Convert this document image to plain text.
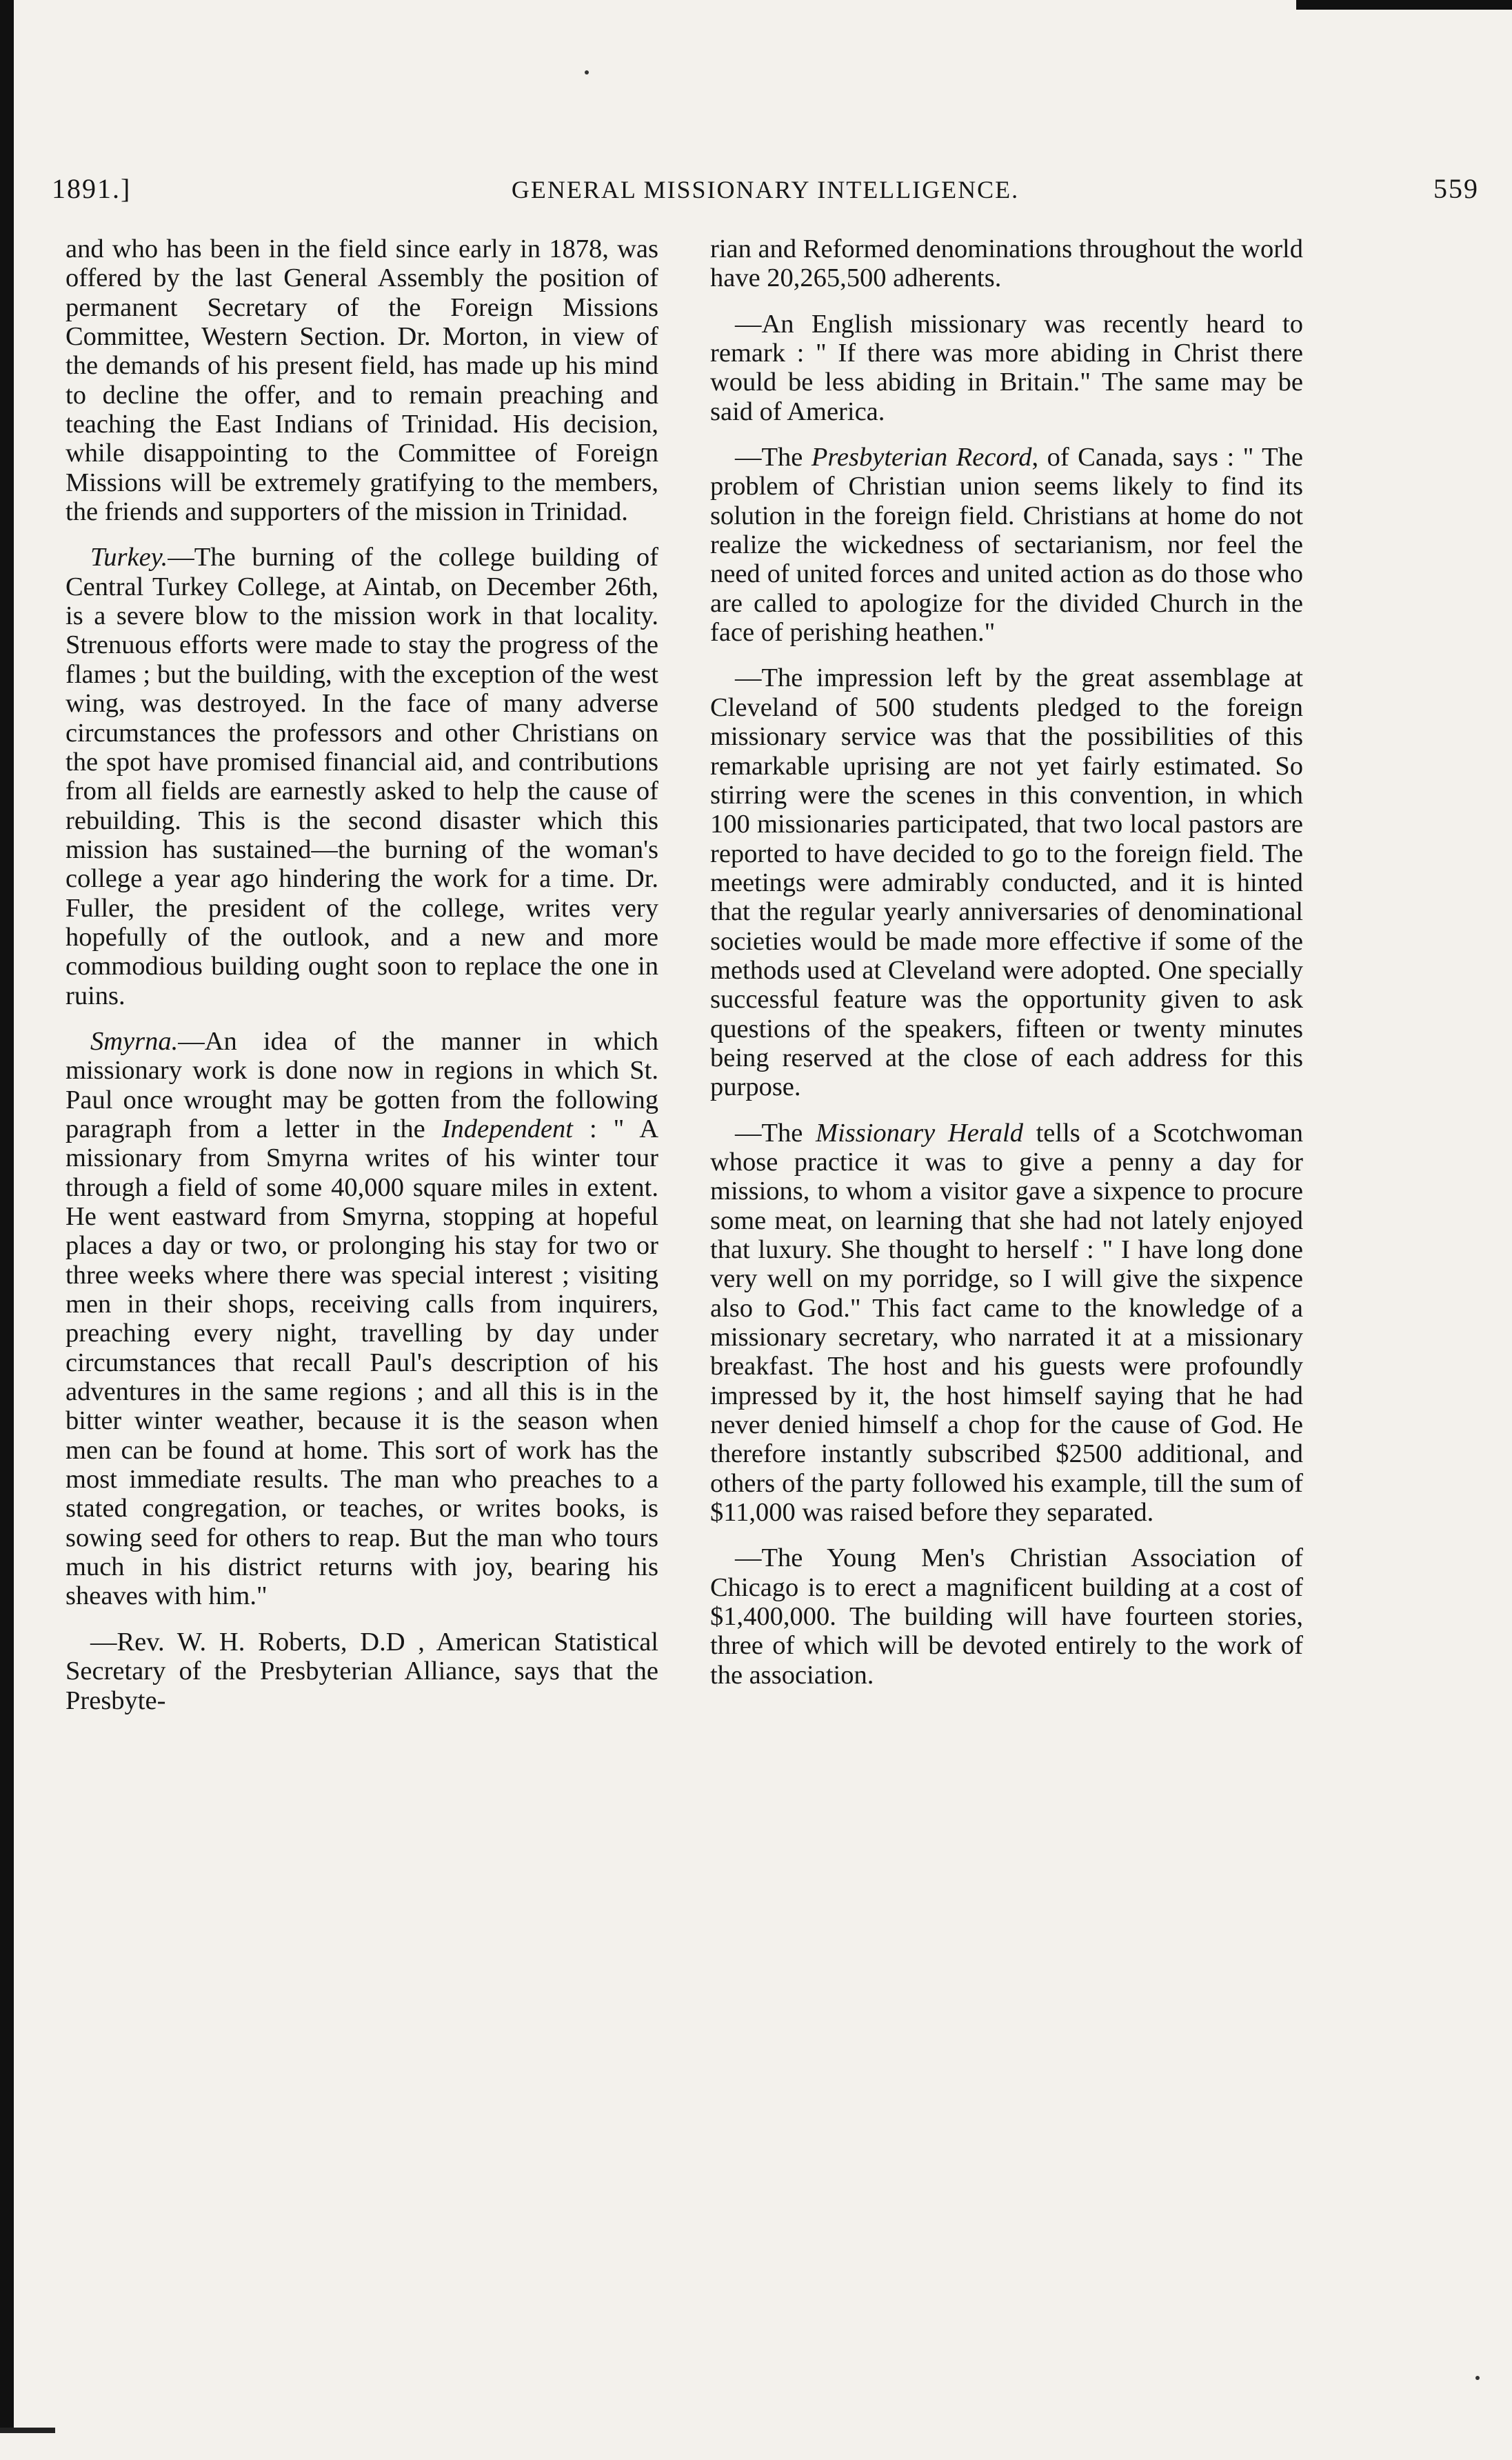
1891.]	GENERAL MISSIONARY INTELLIGENCE.	559

and who has been in the field since early in 1878, was offered by the last General Assembly the position of permanent Secretary of the Foreign Missions Committee, Western Section. Dr. Morton, in view of the demands of his present field, has made up his mind to decline the offer, and to remain preaching and teaching the East Indians of Trinidad. His decision, while disappointing to the Committee of Foreign Missions will be extremely gratifying to the members, the friends and supporters of the mission in Trinidad.

Turkey.—The burning of the college building of Central Turkey College, at Aintab, on December 26th, is a severe blow to the mission work in that locality. Strenuous efforts were made to stay the progress of the flames ; but the building, with the exception of the west wing, was destroyed. In the face of many adverse circumstances the professors and other Christians on the spot have promised financial aid, and contributions from all fields are earnestly asked to help the cause of rebuilding. This is the second disaster which this mission has sustained—the burning of the woman's college a year ago hindering the work for a time. Dr. Fuller, the president of the college, writes very hopefully of the outlook, and a new and more commodious building ought soon to replace the one in ruins.

Smyrna.—An idea of the manner in which missionary work is done now in regions in which St. Paul once wrought may be gotten from the following paragraph from a letter in the Independent : " A missionary from Smyrna writes of his winter tour through a field of some 40,000 square miles in extent. He went eastward from Smyrna, stopping at hopeful places a day or two, or prolonging his stay for two or three weeks where there was special interest ; visiting men in their shops, receiving calls from inquirers, preaching every night, travelling by day under circumstances that recall Paul's description of his adventures in the same regions ; and all this is in the bitter winter weather, because it is the season when men can be found at home. This sort of work has the most immediate results. The man who preaches to a stated congregation, or teaches, or writes books, is sowing seed for others to reap. But the man who tours much in his district returns with joy, bearing his sheaves with him."

—Rev. W. H. Roberts, D.D , American Statistical Secretary of the Presbyterian Alliance, says that the Presbyte-

rian and Reformed denominations throughout the world have 20,265,500 adherents.

—An English missionary was recently heard to remark : " If there was more abiding in Christ there would be less abiding in Britain." The same may be said of America.

—The Presbyterian Record, of Canada, says : " The problem of Christian union seems likely to find its solution in the foreign field. Christians at home do not realize the wickedness of sectarianism, nor feel the need of united forces and united action as do those who are called to apologize for the divided Church in the face of perishing heathen."

—The impression left by the great assemblage at Cleveland of 500 students pledged to the foreign missionary service was that the possibilities of this remarkable uprising are not yet fairly estimated. So stirring were the scenes in this convention, in which 100 missionaries participated, that two local pastors are reported to have decided to go to the foreign field. The meetings were admirably conducted, and it is hinted that the regular yearly anniversaries of denominational societies would be made more effective if some of the methods used at Cleveland were adopted. One specially successful feature was the opportunity given to ask questions of the speakers, fifteen or twenty minutes being reserved at the close of each address for this purpose.

—The Missionary Herald tells of a Scotchwoman whose practice it was to give a penny a day for missions, to whom a visitor gave a sixpence to procure some meat, on learning that she had not lately enjoyed that luxury. She thought to herself : " I have long done very well on my porridge, so I will give the sixpence also to God." This fact came to the knowledge of a missionary secretary, who narrated it at a missionary breakfast. The host and his guests were profoundly impressed by it, the host himself saying that he had never denied himself a chop for the cause of God. He therefore instantly subscribed $2500 additional, and others of the party followed his example, till the sum of $11,000 was raised before they separated.

—The Young Men's Christian Association of Chicago is to erect a magnificent building at a cost of $1,400,000. The building will have fourteen stories, three of which will be devoted entirely to the work of the association.
